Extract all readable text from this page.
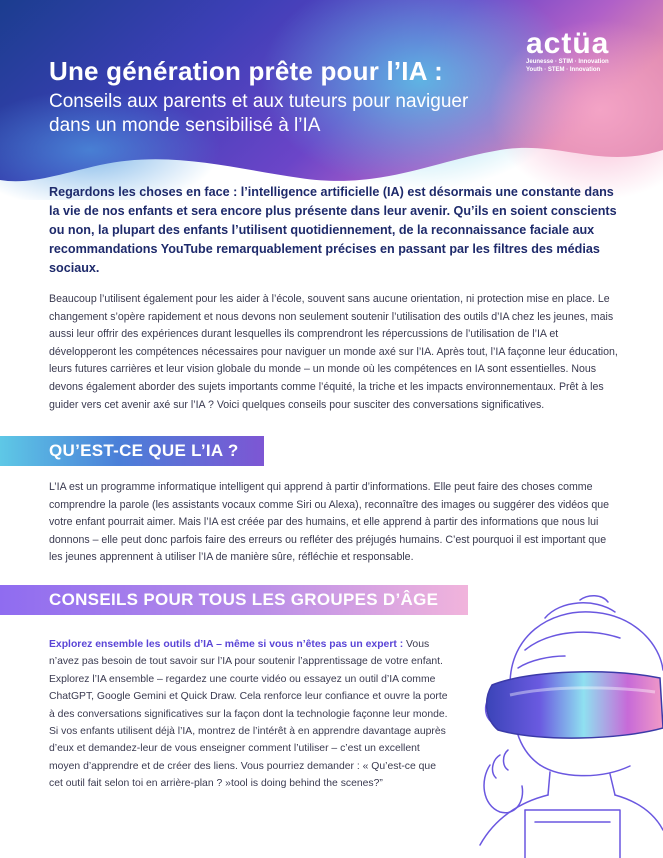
Une génération prête pour l’IA :
Conseils aux parents et aux tuteurs pour naviguer dans un monde sensibilisé à l’IA
actüa
Jeunesse · STIM · Innovation
Youth · STEM · Innovation

Regardons les choses en face : l’intelligence artificielle (IA) est désormais une constante dans la vie de nos enfants et sera encore plus présente dans leur avenir. Qu’ils en soient conscients ou non, la plupart des enfants l’utilisent quotidiennement, de la reconnaissance faciale aux recommandations YouTube remarquablement précises en passant par les filtres des médias sociaux.

Beaucoup l’utilisent également pour les aider à l’école, souvent sans aucune orientation, ni protection mise en place. Le changement s’opère rapidement et nous devons non seulement soutenir l’utilisation des outils d’IA chez les jeunes, mais aussi leur offrir des expériences durant lesquelles ils comprendront les répercussions de l’utilisation de l’IA et développeront les compétences nécessaires pour naviguer un monde axé sur l’IA. Après tout, l’IA façonne leur éducation, leurs futures carrières et leur vision globale du monde – un monde où les compétences en IA sont essentielles. Nous devons également aborder des sujets importants comme l’équité, la triche et les impacts environnementaux. Prêt à les guider vers cet avenir axé sur l’IA ? Voici quelques conseils pour susciter des conversations significatives.

QU’EST-CE QUE L’IA ?

L’IA est un programme informatique intelligent qui apprend à partir d’informations. Elle peut faire des choses comme comprendre la parole (les assistants vocaux comme Siri ou Alexa), reconnaître des images ou suggérer des vidéos que votre enfant pourrait aimer. Mais l’IA est créée par des humains, et elle apprend à partir des informations que nous lui donnons – elle peut donc parfois faire des erreurs ou refléter des préjugés humains. C’est pourquoi il est important que les jeunes apprennent à utiliser l’IA de manière sûre, réfléchie et responsable.

CONSEILS POUR TOUS LES GROUPES D’ÂGE

Explorez ensemble les outils d’IA – même si vous n’êtes pas un expert : Vous n’avez pas besoin de tout savoir sur l’IA pour soutenir l’apprentissage de votre enfant. Explorez l’IA ensemble – regardez une courte vidéo ou essayez un outil d’IA comme ChatGPT, Google Gemini et Quick Draw. Cela renforce leur confiance et ouvre la porte à des conversations significatives sur la façon dont la technologie façonne leur monde. Si vos enfants utilisent déjà l’IA, montrez de l’intérêt à en apprendre davantage auprès d’eux et demandez-leur de vous enseigner comment l’utiliser – c’est un excellent moyen d’apprendre et de créer des liens. Vous pourriez demander : « Qu’est-ce que cet outil fait selon toi en arrière-plan ? »tool is doing behind the scenes?”
